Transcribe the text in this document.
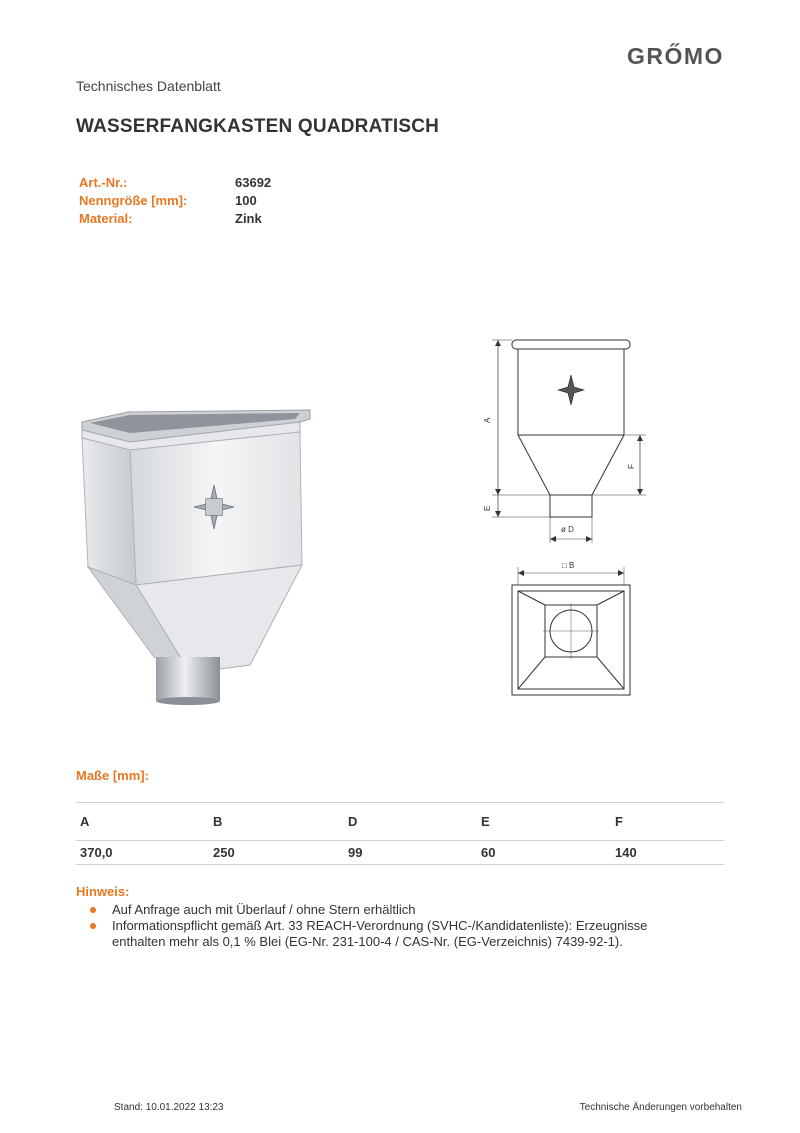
GRŐMO
Technisches Datenblatt
WASSERFANGKASTEN QUADRATISCH
Art.-Nr.:	63692
Nenngröße [mm]:	100
Material:	Zink
A
E
F
ø D
□ B
Maße [mm]:
A	B	D	E	F
370,0	250	99	60	140
Hinweis:

Auf Anfrage auch mit Überlauf / ohne Stern erhältlich

Informationspflicht gemäß Art. 33 REACH-Verordnung (SVHC-/Kandidatenliste): Erzeugnisse enthalten mehr als 0,1 % Blei (EG-Nr. 231-100-4 / CAS-Nr. (EG-Verzeichnis) 7439-92-1).

Stand: 10.01.2022 13:23	Technische Änderungen vorbehalten
